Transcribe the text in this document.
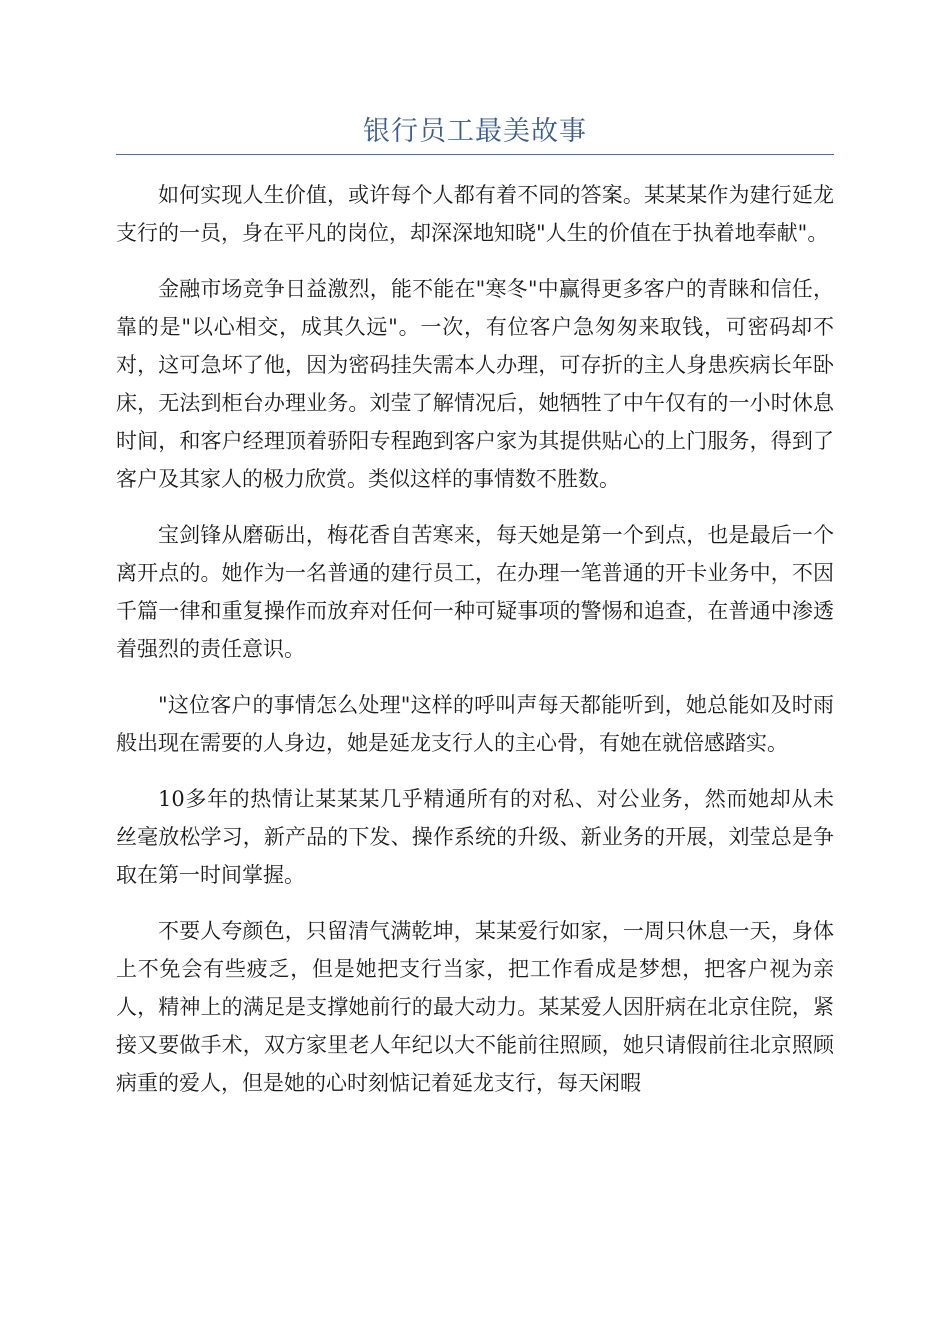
银行员工最美故事

如何实现人生价值，或许每个人都有着不同的答案。某某某作为建行延龙支行的一员，身在平凡的岗位，却深深地知晓"人生的价值在于执着地奉献"。

金融市场竞争日益激烈，能不能在"寒冬"中赢得更多客户的青睐和信任，靠的是"以心相交，成其久远"。一次，有位客户急匆匆来取钱，可密码却不对，这可急坏了他，因为密码挂失需本人办理，可存折的主人身患疾病长年卧床，无法到柜台办理业务。刘莹了解情况后，她牺牲了中午仅有的一小时休息时间，和客户经理顶着骄阳专程跑到客户家为其提供贴心的上门服务，得到了客户及其家人的极力欣赏。类似这样的事情数不胜数。

宝剑锋从磨砺出，梅花香自苦寒来，每天她是第一个到点，也是最后一个离开点的。她作为一名普通的建行员工，在办理一笔普通的开卡业务中，不因千篇一律和重复操作而放弃对任何一种可疑事项的警惕和追查，在普通中渗透着强烈的责任意识。

"这位客户的事情怎么处理"这样的呼叫声每天都能听到，她总能如及时雨般出现在需要的人身边，她是延龙支行人的主心骨，有她在就倍感踏实。

10多年的热情让某某某几乎精通所有的对私、对公业务，然而她却从未丝毫放松学习，新产品的下发、操作系统的升级、新业务的开展，刘莹总是争取在第一时间掌握。

不要人夸颜色，只留清气满乾坤，某某爱行如家，一周只休息一天，身体上不免会有些疲乏，但是她把支行当家，把工作看成是梦想，把客户视为亲人，精神上的满足是支撑她前行的最大动力。某某爱人因肝病在北京住院，紧接又要做手术，双方家里老人年纪以大不能前往照顾，她只请假前往北京照顾病重的爱人，但是她的心时刻惦记着延龙支行，每天闲暇
